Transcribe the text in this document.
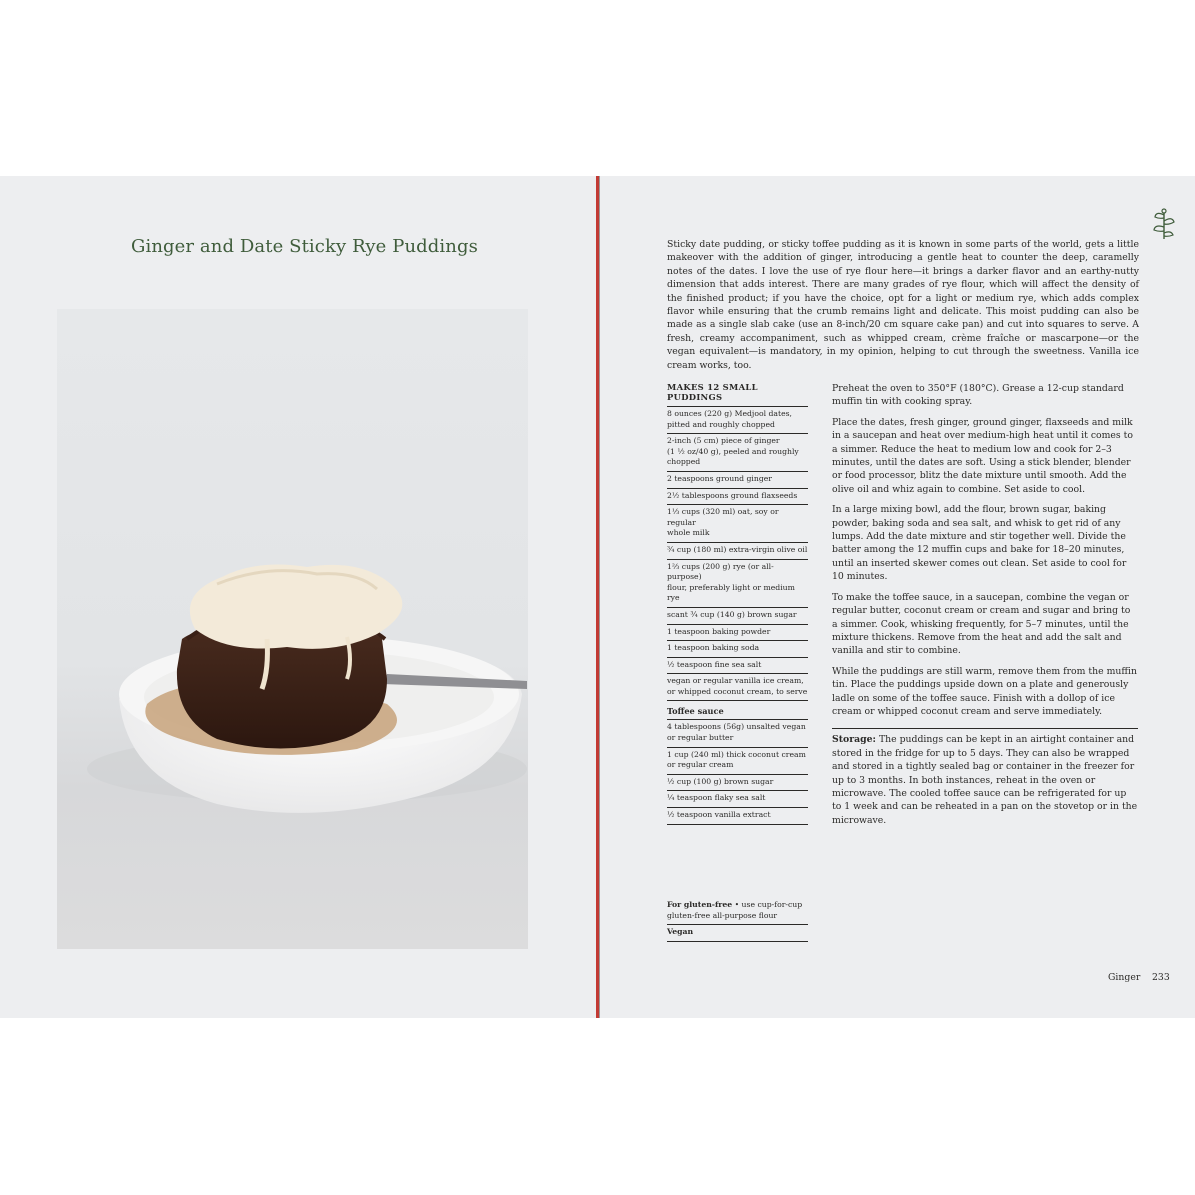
Ginger and Date Sticky Rye Puddings	Sticky date pudding, or sticky toffee pudding as it is known in some parts of the world, gets a little makeover with the addition of ginger, introducing a gentle heat to counter the deep, caramelly notes of the dates. I love the use of rye flour here—it brings a darker flavor and an earthy-nutty dimension that adds interest. There are many grades of rye flour, which will affect the density of the finished product; if you have the choice, opt for a light or medium rye, which adds complex flavor while ensuring that the crumb remains light and delicate. This moist pudding can also be made as a single slab cake (use an 8-inch/20 cm square cake pan) and cut into squares to serve. A fresh, creamy accompaniment, such as whipped cream, crème fraîche or mascarpone—or the vegan equivalent—is mandatory, in my opinion, helping to cut through the sweetness. Vanilla ice cream works, too.
MAKES 12 SMALL PUDDINGS
8 ounces (220 g) Medjool dates,
pitted and roughly chopped
2-inch (5 cm) piece of ginger
(1 ½ oz/40 g), peeled and roughly
chopped
2 teaspoons ground ginger
2½ tablespoons ground flaxseeds
1⅓ cups (320 ml) oat, soy or regular
whole milk
¾ cup (180 ml) extra-virgin olive oil
1⅔ cups (200 g) rye (or all-purpose)
flour, preferably light or medium rye
scant ¾ cup (140 g) brown sugar
1 teaspoon baking powder
1 teaspoon baking soda
½ teaspoon fine sea salt
vegan or regular vanilla ice cream,
or whipped coconut cream, to serve
Toffee sauce
4 tablespoons (56g) unsalted vegan
or regular butter
1 cup (240 ml) thick coconut cream
or regular cream
½ cup (100 g) brown sugar
¼ teaspoon flaky sea salt
½ teaspoon vanilla extract
For gluten-free • use cup-for-cup gluten-free all-purpose flour
Vegan

Preheat the oven to 350°F (180°C). Grease a 12-cup standard muffin tin with cooking spray.

Place the dates, fresh ginger, ground ginger, flaxseeds and milk in a saucepan and heat over medium-high heat until it comes to a simmer. Reduce the heat to medium low and cook for 2–3 minutes, until the dates are soft. Using a stick blender, blender or food processor, blitz the date mixture until smooth. Add the olive oil and whiz again to combine. Set aside to cool.

In a large mixing bowl, add the flour, brown sugar, baking powder, baking soda and sea salt, and whisk to get rid of any lumps. Add the date mixture and stir together well. Divide the batter among the 12 muffin cups and bake for 18–20 minutes, until an inserted skewer comes out clean. Set aside to cool for 10 minutes.

To make the toffee sauce, in a saucepan, combine the vegan or regular butter, coconut cream or cream and sugar and bring to a simmer. Cook, whisking frequently, for 5–7 minutes, until the mixture thickens. Remove from the heat and add the salt and vanilla and stir to combine.

While the puddings are still warm, remove them from the muffin tin. Place the puddings upside down on a plate and generously ladle on some of the toffee sauce. Finish with a dollop of ice cream or whipped coconut cream and serve immediately.

Storage: The puddings can be kept in an airtight container and stored in the fridge for up to 5 days. They can also be wrapped and stored in a tightly sealed bag or container in the freezer for up to 3 months. In both instances, reheat in the oven or microwave. The cooled toffee sauce can be refrigerated for up to 1 week and can be reheated in a pan on the stovetop or in the microwave.
Ginger 233
